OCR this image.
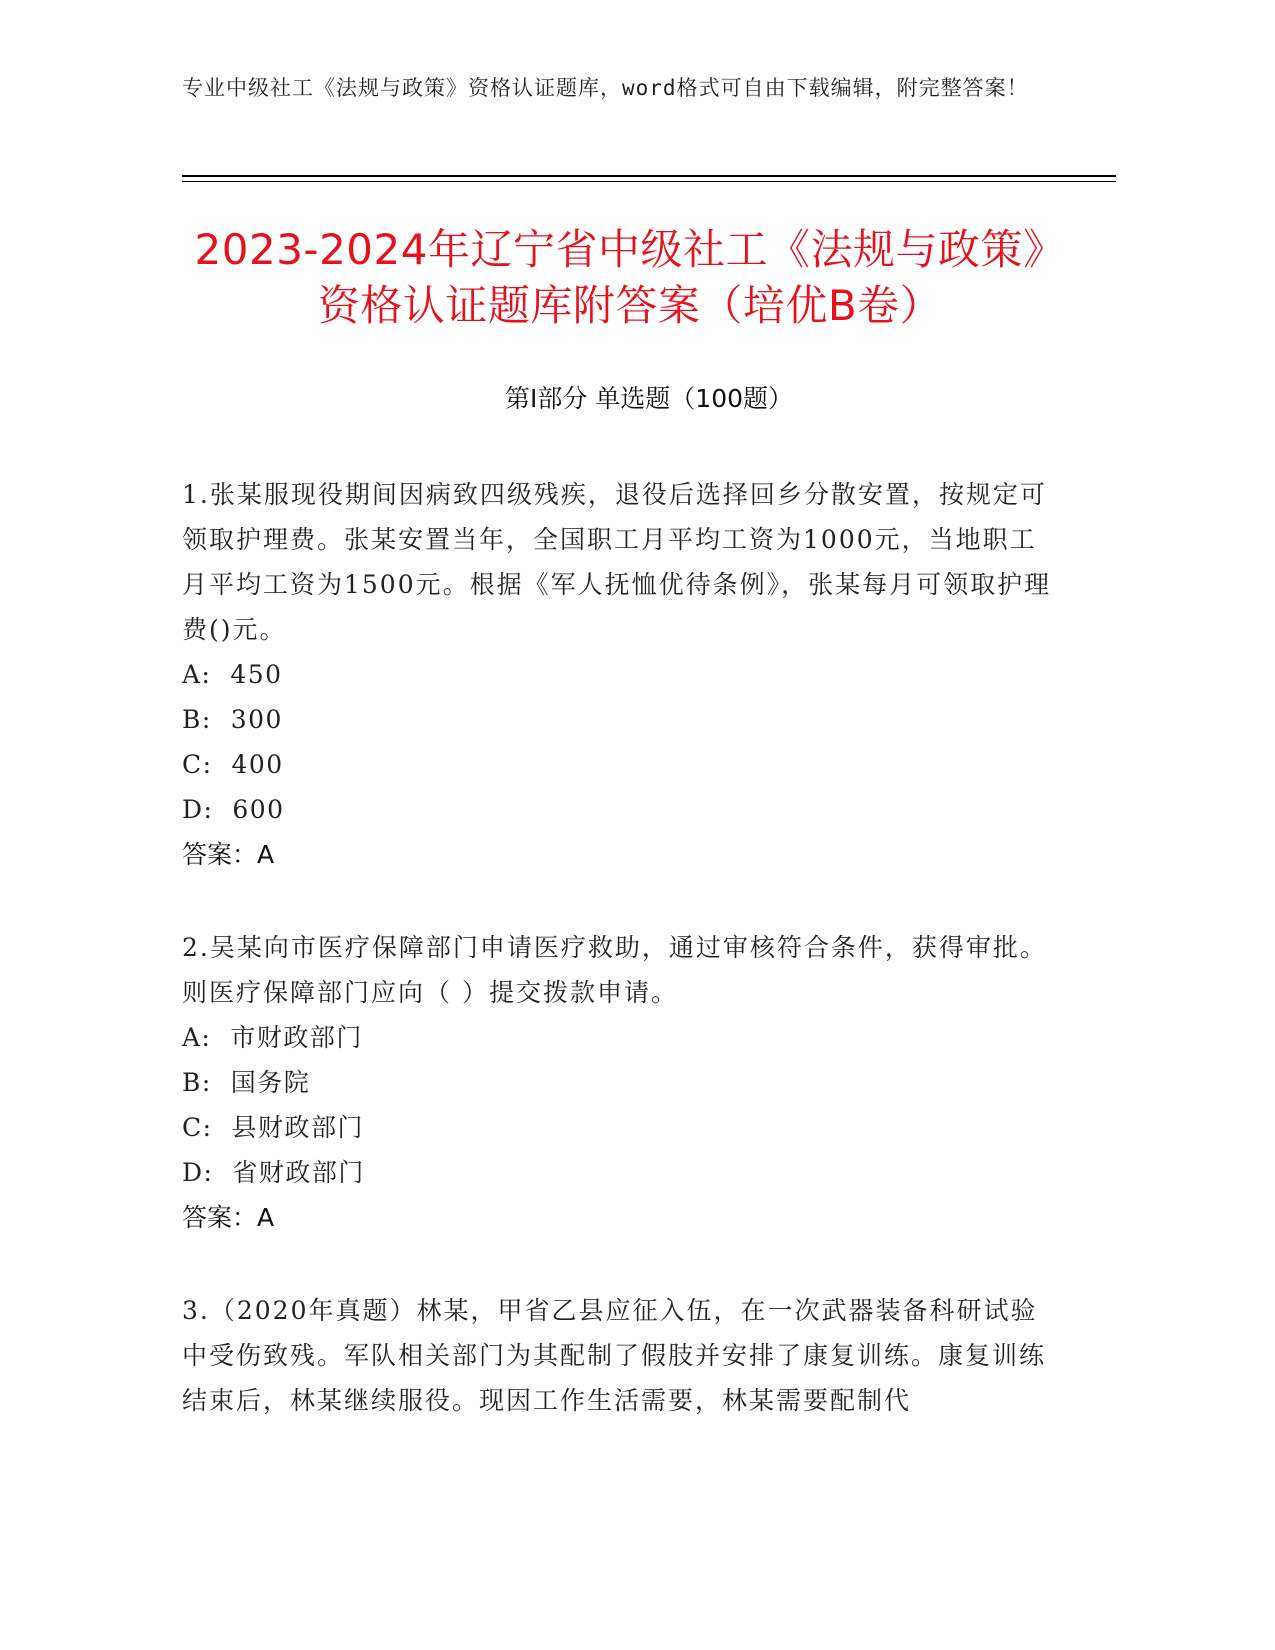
专业中级社工《法规与政策》资格认证题库，word格式可自由下载编辑，附完整答案！
2023-2024年辽宁省中级社工《法规与政策》资格认证题库附答案（培优B卷）
第Ⅰ部分 单选题（100题）
1.张某服现役期间因病致四级残疾，退役后选择回乡分散安置，按规定可领取护理费。张某安置当年，全国职工月平均工资为1000元，当地职工月平均工资为1500元。根据《军人抚恤优待条例》，张某每月可领取护理费()元。
A:  450
B:  300
C:  400
D:  600
答案：A
2.吴某向市医疗保障部门申请医疗救助，通过审核符合条件，获得审批。则医疗保障部门应向（ ）提交拨款申请。
A:  市财政部门
B:  国务院
C:  县财政部门
D:  省财政部门
答案：A
3.（2020年真题）林某，甲省乙县应征入伍，在一次武器装备科研试验中受伤致残。军队相关部门为其配制了假肢并安排了康复训练。康复训练结束后，林某继续服役。现因工作生活需要，林某需要配制代
